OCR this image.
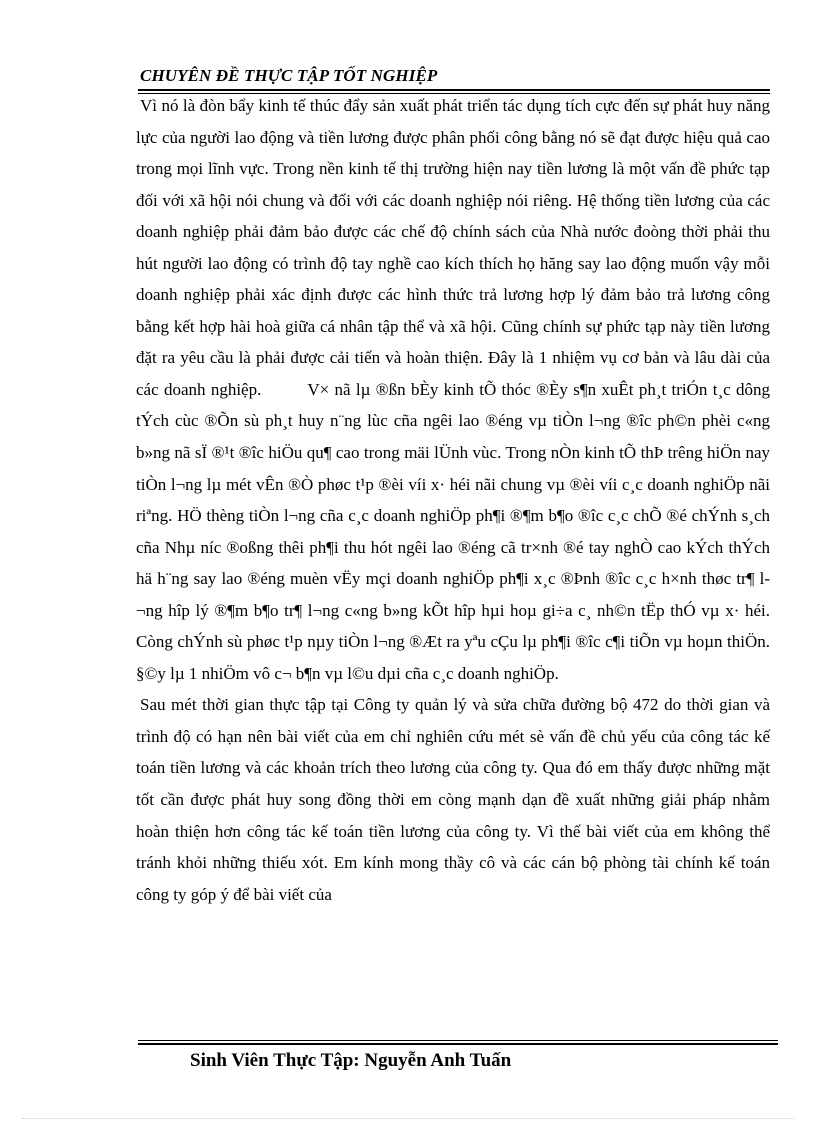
CHUYÊN ĐỀ THỰC TẬP TỐT NGHIỆP

Vì nó là đòn bẩy kinh tế thúc đẩy sản xuất phát triển tác dụng tích cực đến sự phát huy năng lực của người lao động và tiền lương được phân phối công bằng nó sẽ đạt được hiệu quả cao trong mọi lĩnh vực. Trong nền kinh tế thị trường hiện nay tiền lương là một vấn đề phức tạp đối với xã hội nói chung và đối với các doanh nghiệp nói riêng. Hệ thống tiền lương của các doanh nghiệp phải đảm bảo được các chế độ chính sách của Nhà nước đoòng thời phải thu hút người lao động có trình độ tay nghề cao kích thích họ hăng say lao động muốn vậy mỗi doanh nghiệp phải xác định được các hình thức trả lương hợp lý đảm bảo trả lương công bằng kết hợp hài hoà giữa cá nhân tập thể và xã hội. Cũng chính sự phức tạp này tiền lương đặt ra yêu cầu là phải được cải tiến và hoàn thiện. Đây là 1 nhiệm vụ cơ bản và lâu dài của các doanh nghiệp.	V× nã lµ ®ßn bÈy kinh tÕ thóc ®Èy s¶n xuÊt ph¸t triÓn t¸c dông tÝch cùc ®Õn sù ph¸t huy n¨ng lùc cña ngêi lao ®éng vµ tiÒn l¬ng ®îc ph©n phèi c«ng b»ng nã sÏ ®¹t ®îc hiÖu qu¶ cao trong mäi lÜnh vùc. Trong nÒn kinh tÕ thÞ trêng hiÖn nay tiÒn l¬ng lµ mét vÊn ®Ò phøc t¹p ®èi víi x· héi nãi chung vµ ®èi víi c¸c doanh nghiÖp nãi riªng. HÖ thèng tiÒn l¬ng cña c¸c doanh nghiÖp ph¶i ®¶m b¶o ®îc c¸c chÕ ®é chÝnh s¸ch cña Nhµ níc ®oßng thêi ph¶i thu hót ngêi lao ®éng cã tr×nh ®é tay nghÒ cao kÝch thÝch hä h¨ng say lao ®éng muèn vËy mçi doanh nghiÖp ph¶i x¸c ®Þnh ®îc c¸c h×nh thøc tr¶ l¬ng hîp lý ®¶m b¶o tr¶ l¬ng c«ng b»ng kÕt hîp hµi hoµ gi÷a c¸ nh©n tËp thÓ vµ x· héi. Còng chÝnh sù phøc t¹p nµy tiÒn l¬ng ®Æt ra yªu cÇu lµ ph¶i ®îc c¶i tiÕn vµ hoµn thiÖn. §©y lµ 1 nhiÖm vô c¬ b¶n vµ l©u dµi cña c¸c doanh nghiÖp.

Sau mét thời gian thực tập tại Công ty quản lý và sửa chữa đường bộ 472 do thời gian và trình độ có hạn nên bài viết của em chỉ nghiên cứu mét sè vấn đề chủ yếu của công tác kế toán tiền lương và các khoản trích theo lương của công ty. Qua đó em thấy được những mặt tốt cần được phát huy song đồng thời em còng mạnh dạn đề xuất những giải pháp nhằm hoàn thiện hơn công tác kế toán tiền lương của công ty. Vì thế bài viết của em không thể tránh khỏi những thiếu xót. Em kính mong thầy cô và các cán bộ phòng tài chính kế toán công ty góp ý để bài viết của

Sinh Viên Thực Tập: Nguyễn Anh Tuấn
